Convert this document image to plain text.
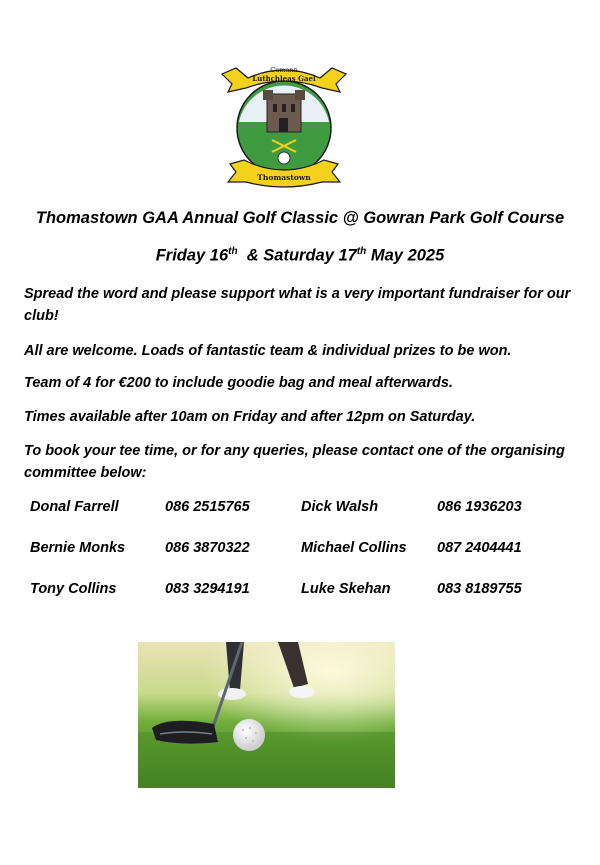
Cumann
Luthchleas Gael
Thomastown
Thomastown GAA Annual Golf Classic @ Gowran Park Golf Course
Friday 16th  & Saturday 17th May 2025
Spread the word and please support what is a very important fundraiser for our club!
All are welcome. Loads of fantastic team & individual prizes to be won.
Team of 4 for €200 to include goodie bag and meal afterwards.
Times available after 10am on Friday and after 12pm on Saturday.
To book your tee time, or for any queries, please contact one of the organising committee below:
Donal Farrell	086 2515765	Dick Walsh	086 1936203
Bernie Monks	086 3870322	Michael Collins 087 2404441
Tony Collins	083 3294191	Luke Skehan	083 8189755
